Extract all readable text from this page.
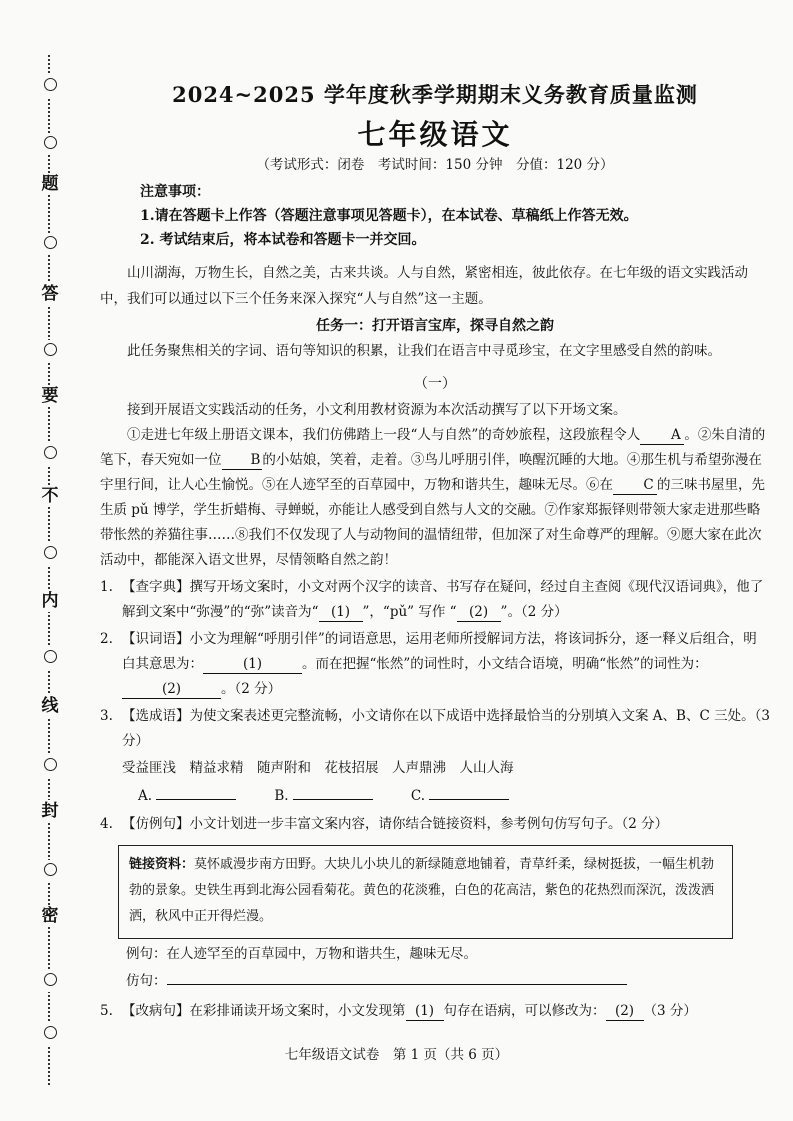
题
答
要
不
内
线
封
密
2024~2025 学年度秋季学期期末义务教育质量监测
七年级语文
（考试形式：闭卷　考试时间：150 分钟　分值：120 分）
注意事项：
1.请在答题卡上作答（答题注意事项见答题卡），在本试卷、草稿纸上作答无效。
2. 考试结束后，将本试卷和答题卡一并交回。

山川湖海，万物生长，自然之美，古来共谈。人与自然，紧密相连，彼此依存。在七年级的语文实践活动中，我们可以通过以下三个任务来深入探究“人与自然”这一主题。

任务一：打开语言宝库，探寻自然之韵

此任务聚焦相关的字词、语句等知识的积累，让我们在语言中寻觅珍宝，在文字里感受自然的韵味。

（一）

接到开展语文实践活动的任务，小文利用教材资源为本次活动撰写了以下开场文案。

①走进七年级上册语文课本，我们仿佛踏上一段“人与自然”的奇妙旅程，这段旅程令人 A 。②朱自清的笔下，春天宛如一位 B 的小姑娘，笑着，走着。③鸟儿呼朋引伴，唤醒沉睡的大地。④那生机与希望弥漫在宇里行间，让人心生愉悦。⑤在人迹罕至的百草园中，万物和谐共生，趣味无尽。⑥在 C 的三味书屋里，先生质 pǔ 博学，学生折蜡梅、寻蝉蜕，亦能让人感受到自然与人文的交融。⑦作家郑振铎则带领大家走进那些略带怅然的养猫往事……⑧我们不仅发现了人与动物间的温情纽带，但加深了对生命尊严的理解。⑨愿大家在此次活动中，都能深入语文世界，尽情领略自然之韵！

1. 【查字典】撰写开场文案时，小文对两个汉字的读音、书写存在疑问，经过自主查阅《现代汉语词典》，他了解到文案中“弥漫”的“弥”读音为“ (1) ”，“pǔ” 写作 “ (2) ”。（2 分）
2. 【识词语】小文为理解“呼朋引伴”的词语意思，运用老师所授解词方法，将该词拆分，逐一释义后组合，明白其意思为：	(1)	。而在把握“怅然”的词性时，小文结合语境，明确“怅然”的词性为：(2)	。（2 分）
3. 【选成语】为使文案表述更完整流畅，小文请你在以下成语中选择最恰当的分别填入文案 A、B、C 三处。（3 分）
受益匪浅　精益求精　随声附和　花枝招展　人声鼎沸　人山人海
A.	B.	C.
4. 【仿例句】小文计划进一步丰富文案内容，请你结合链接资料，参考例句仿写句子。（2 分）
链接资料：莫怀戚漫步南方田野。大块儿小块儿的新绿随意地铺着，青草纤柔，绿树挺拔，一幅生机勃勃的景象。史铁生再到北海公园看菊花。黄色的花淡雅，白色的花高洁，紫色的花热烈而深沉，泼泼洒洒，秋风中正开得烂漫。
例句：在人迹罕至的百草园中，万物和谐共生，趣味无尽。
仿句：
5. 【改病句】在彩排诵读开场文案时，小文发现第 (1) 句存在语病，可以修改为： (2) （3 分）
七年级语文试卷　第 1 页（共 6 页）
